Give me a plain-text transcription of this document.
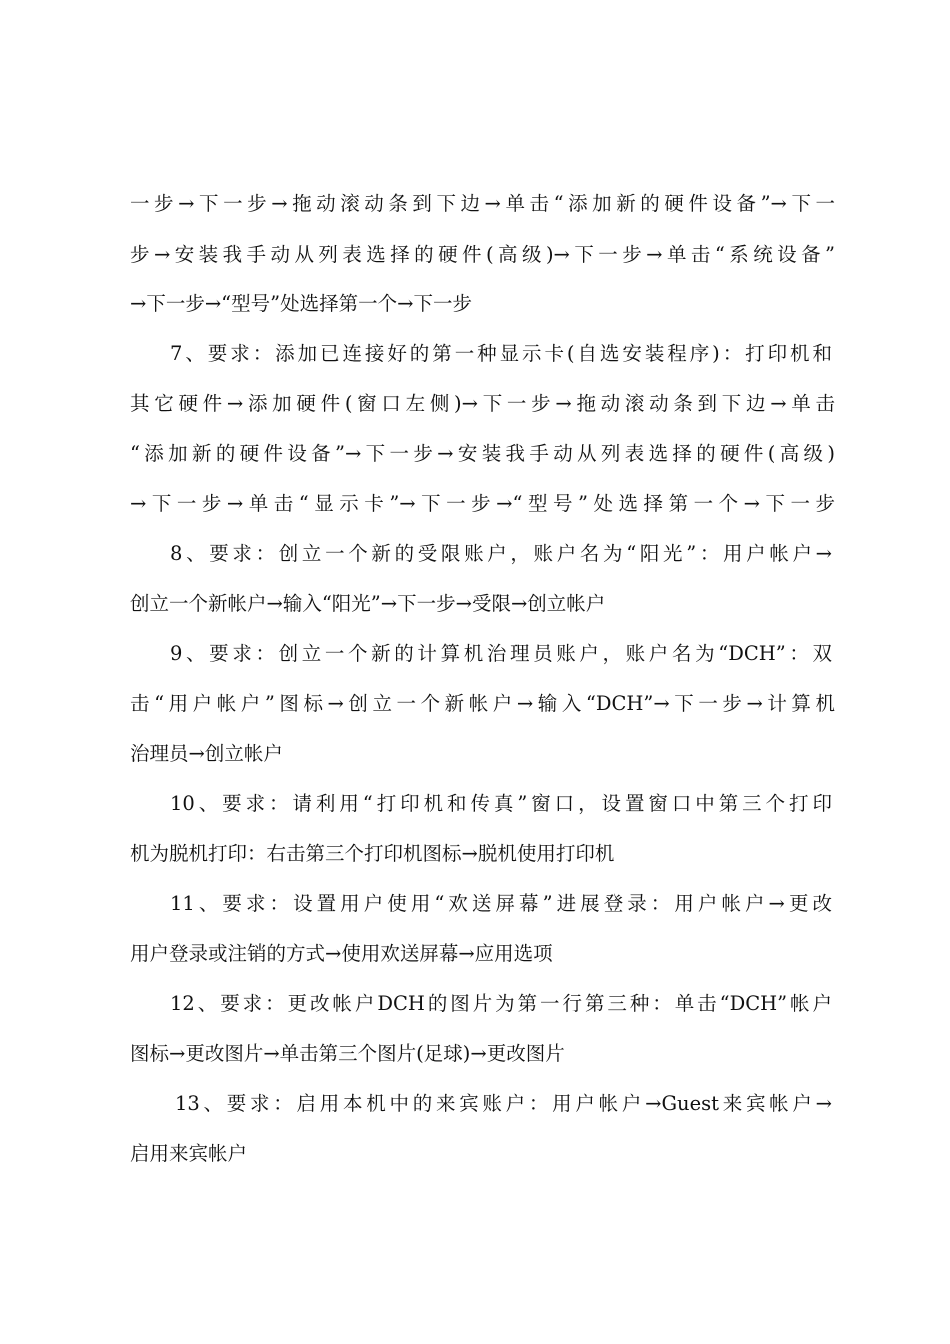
一步→下一步→拖动滚动条到下边→单击“添加新的硬件设备”→下一
步→安装我手动从列表选择的硬件(高级)→下一步→单击“系统设备”
→下一步→“型号”处选择第一个→下一步
7、要求：添加已连接好的第一种显示卡(自选安装程序)：打印机和
其它硬件→添加硬件(窗口左侧)→下一步→拖动滚动条到下边→单击
“添加新的硬件设备”→下一步→安装我手动从列表选择的硬件(高级)
→下一步→单击“显示卡”→下一步→“型号”处选择第一个→下一步
8、要求：创立一个新的受限账户，账户名为“阳光”：用户帐户→
创立一个新帐户→输入“阳光”→下一步→受限→创立帐户
9、要求：创立一个新的计算机治理员账户，账户名为“DCH”：双
击“用户帐户”图标→创立一个新帐户→输入“DCH”→下一步→计算机
治理员→创立帐户
10、要求：请利用“打印机和传真”窗口，设置窗口中第三个打印
机为脱机打印：右击第三个打印机图标→脱机使用打印机
11、要求：设置用户使用“欢送屏幕”进展登录：用户帐户→更改
用户登录或注销的方式→使用欢送屏幕→应用选项
12、要求：更改帐户DCH的图片为第一行第三种：单击“DCH”帐户
图标→更改图片→单击第三个图片(足球)→更改图片
13、要求：启用本机中的来宾账户：用户帐户→Guest来宾帐户→
启用来宾帐户
